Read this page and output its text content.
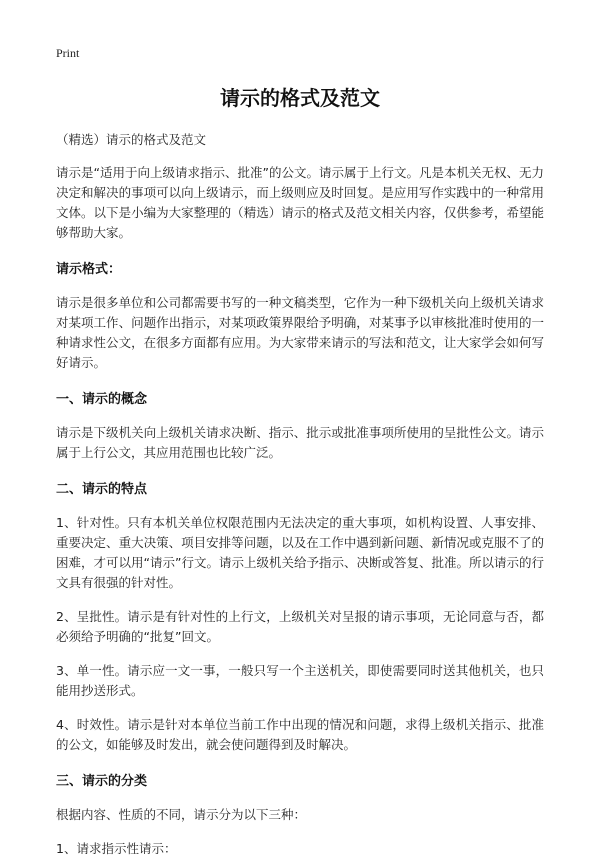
Print

请示的格式及范文

（精选）请示的格式及范文

请示是“适用于向上级请求指示、批准”的公文。请示属于上行文。凡是本机关无权、无力决定和解决的事项可以向上级请示，而上级则应及时回复。是应用写作实践中的一种常用文体。以下是小编为大家整理的（精选）请示的格式及范文相关内容，仅供参考，希望能够帮助大家。

请示格式：

请示是很多单位和公司都需要书写的一种文稿类型，它作为一种下级机关向上级机关请求对某项工作、问题作出指示，对某项政策界限给予明确，对某事予以审核批准时使用的一种请求性公文，在很多方面都有应用。为大家带来请示的写法和范文，让大家学会如何写好请示。

一、请示的概念

请示是下级机关向上级机关请求决断、指示、批示或批准事项所使用的呈批性公文。请示属于上行公文，其应用范围也比较广泛。

二、请示的特点

1、针对性。只有本机关单位权限范围内无法决定的重大事项，如机构设置、人事安排、重要决定、重大决策、项目安排等问题，以及在工作中遇到新问题、新情况或克服不了的困难，才可以用“请示”行文。请示上级机关给予指示、决断或答复、批准。所以请示的行文具有很强的针对性。

2、呈批性。请示是有针对性的上行文，上级机关对呈报的请示事项，无论同意与否，都必须给予明确的“批复”回文。

3、单一性。请示应一文一事，一般只写一个主送机关，即使需要同时送其他机关，也只能用抄送形式。

4、时效性。请示是针对本单位当前工作中出现的情况和问题，求得上级机关指示、批准的公文，如能够及时发出，就会使问题得到及时解决。

三、请示的分类

根据内容、性质的不同，请示分为以下三种：

1、请求指示性请示：
